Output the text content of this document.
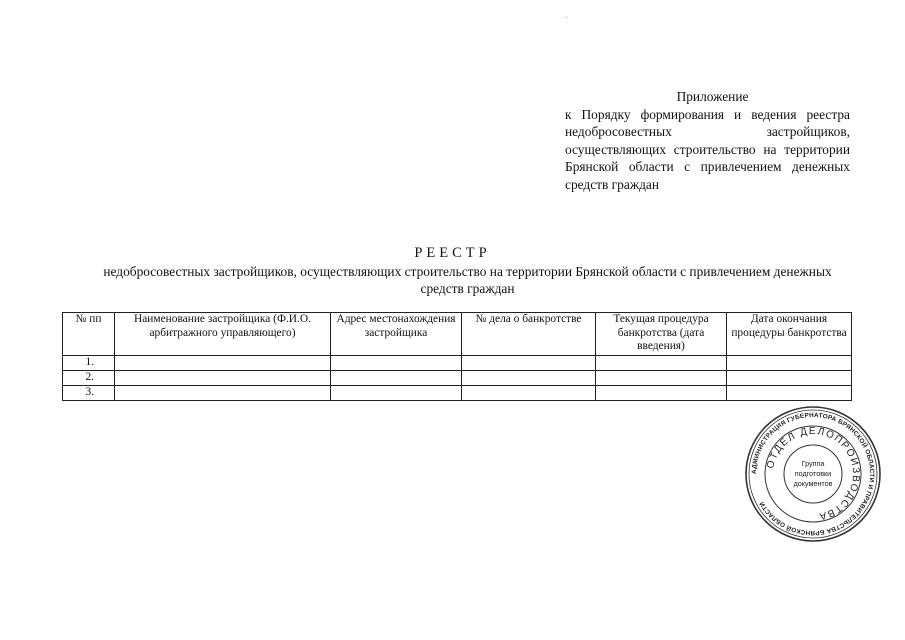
Приложение
к Порядку формирования и ведения реестра недобросовестных застройщиков, осуществляющих строительство на территории Брянской области с привлечением денежных средств граждан
РЕЕСТР
недобросовестных застройщиков, осуществляющих строительство на территории Брянской области с привлечением денежных средств граждан
№ пп	Наименование застройщика (Ф.И.О. арбитражного управляющего)	Адрес местонахождения застройщика	№ дела о банкротстве	Текущая процедура банкротства (дата введения)	Дата окончания процедуры банкротства
1.					
2.					
3.					
АДМИНИСТРАЦИЯ ГУБЕРНАТОРА БРЯНСКОЙ ОБЛАСТИ И ПРАВИТЕЛЬСТВА БРЯНСКОЙ ОБЛАСТИ
ОТДЕЛ ДЕЛОПРОИЗВОДСТВА
Группа
подготовки
документов
